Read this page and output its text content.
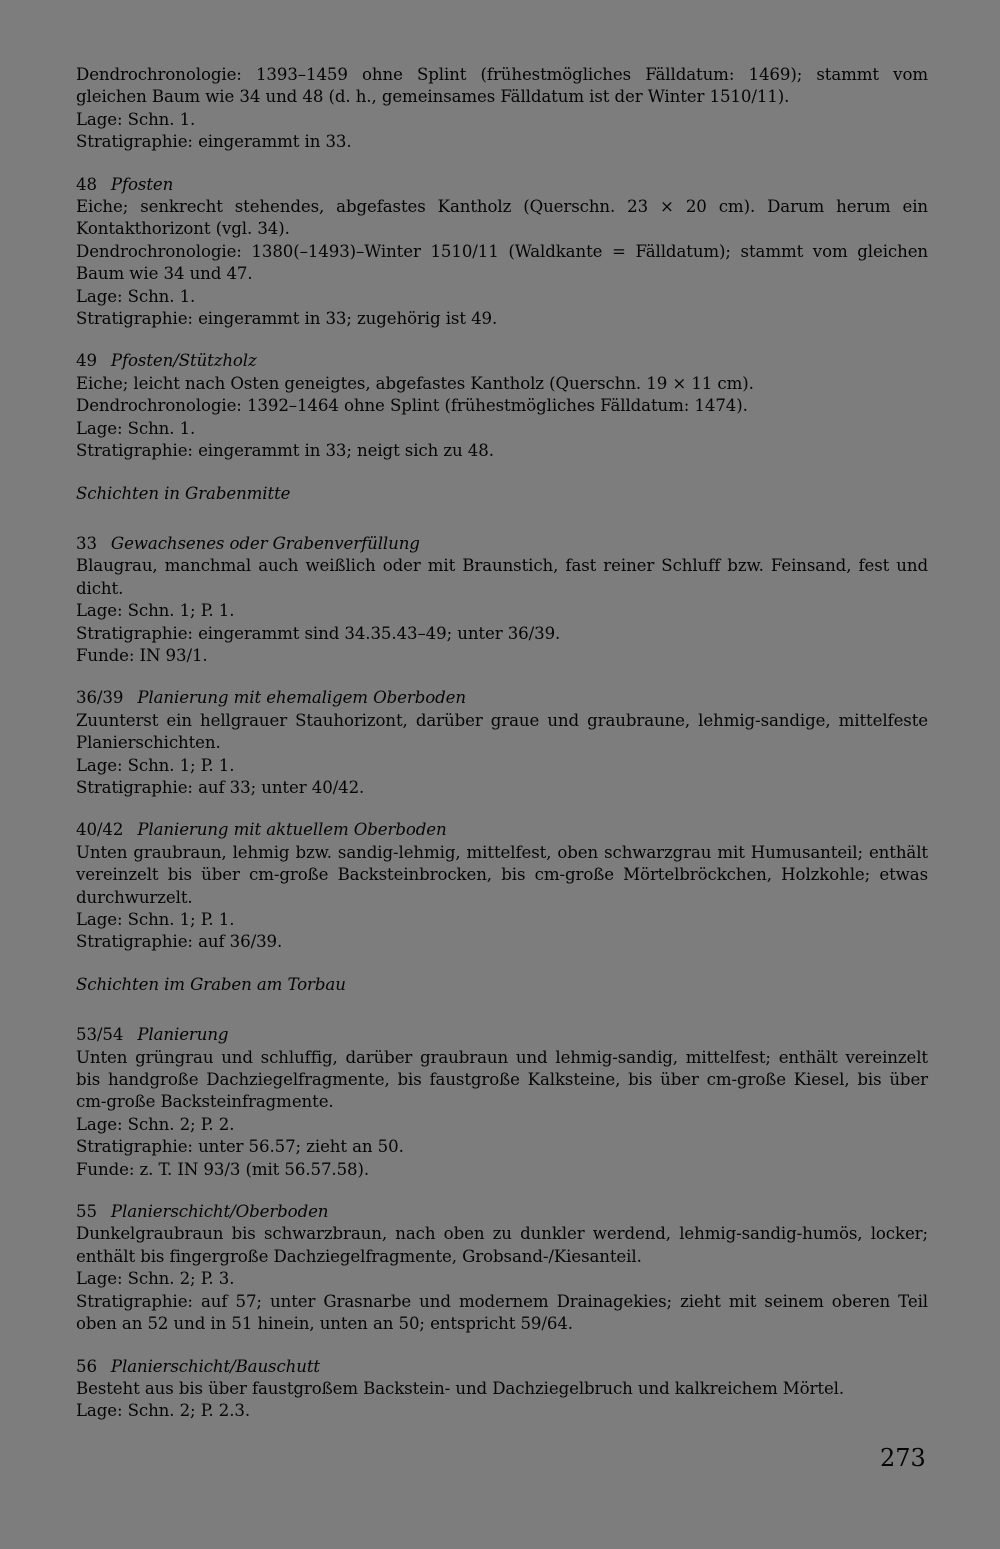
Dendrochronologie: 1393–1459 ohne Splint (frühestmögliches Fälldatum: 1469); stammt vom gleichen Baum wie 34 und 48 (d. h., gemeinsames Fälldatum ist der Winter 1510/11).
Lage: Schn. 1.
Stratigraphie: eingerammt in 33.
48 Pfosten
Eiche; senkrecht stehendes, abgefastes Kantholz (Querschn. 23 × 20 cm). Darum herum ein Kontakthorizont (vgl. 34).
Dendrochronologie: 1380(–1493)–Winter 1510/11 (Waldkante = Fälldatum); stammt vom gleichen Baum wie 34 und 47.
Lage: Schn. 1.
Stratigraphie: eingerammt in 33; zugehörig ist 49.
49 Pfosten/Stützholz
Eiche; leicht nach Osten geneigtes, abgefastes Kantholz (Querschn. 19 × 11 cm).
Dendrochronologie: 1392–1464 ohne Splint (frühestmögliches Fälldatum: 1474).
Lage: Schn. 1.
Stratigraphie: eingerammt in 33; neigt sich zu 48.
Schichten in Grabenmitte
33 Gewachsenes oder Grabenverfüllung
Blaugrau, manchmal auch weißlich oder mit Braunstich, fast reiner Schluff bzw. Feinsand, fest und dicht.
Lage: Schn. 1; P. 1.
Stratigraphie: eingerammt sind 34.35.43–49; unter 36/39.
Funde: IN 93/1.
36/39 Planierung mit ehemaligem Oberboden
Zuunterst ein hellgrauer Stauhorizont, darüber graue und graubraune, lehmig-sandige, mittelfeste Planierschichten.
Lage: Schn. 1; P. 1.
Stratigraphie: auf 33; unter 40/42.
40/42 Planierung mit aktuellem Oberboden
Unten graubraun, lehmig bzw. sandig-lehmig, mittelfest, oben schwarzgrau mit Humusanteil; enthält vereinzelt bis über cm-große Backsteinbrocken, bis cm-große Mörtelbröckchen, Holzkohle; etwas durchwurzelt.
Lage: Schn. 1; P. 1.
Stratigraphie: auf 36/39.
Schichten im Graben am Torbau
53/54 Planierung
Unten grüngrau und schluffig, darüber graubraun und lehmig-sandig, mittelfest; enthält vereinzelt bis handgroße Dachziegelfragmente, bis faustgroße Kalksteine, bis über cm-große Kiesel, bis über cm-große Backsteinfragmente.
Lage: Schn. 2; P. 2.
Stratigraphie: unter 56.57; zieht an 50.
Funde: z. T. IN 93/3 (mit 56.57.58).
55 Planierschicht/Oberboden
Dunkelgraubraun bis schwarzbraun, nach oben zu dunkler werdend, lehmig-sandig-humös, locker; enthält bis fingergroße Dachziegelfragmente, Grobsand-/Kiesanteil.
Lage: Schn. 2; P. 3.
Stratigraphie: auf 57; unter Grasnarbe und modernem Drainagekies; zieht mit seinem oberen Teil oben an 52 und in 51 hinein, unten an 50; entspricht 59/64.
56 Planierschicht/Bauschutt
Besteht aus bis über faustgroßem Backstein- und Dachziegelbruch und kalkreichem Mörtel.
Lage: Schn. 2; P. 2.3.
273
